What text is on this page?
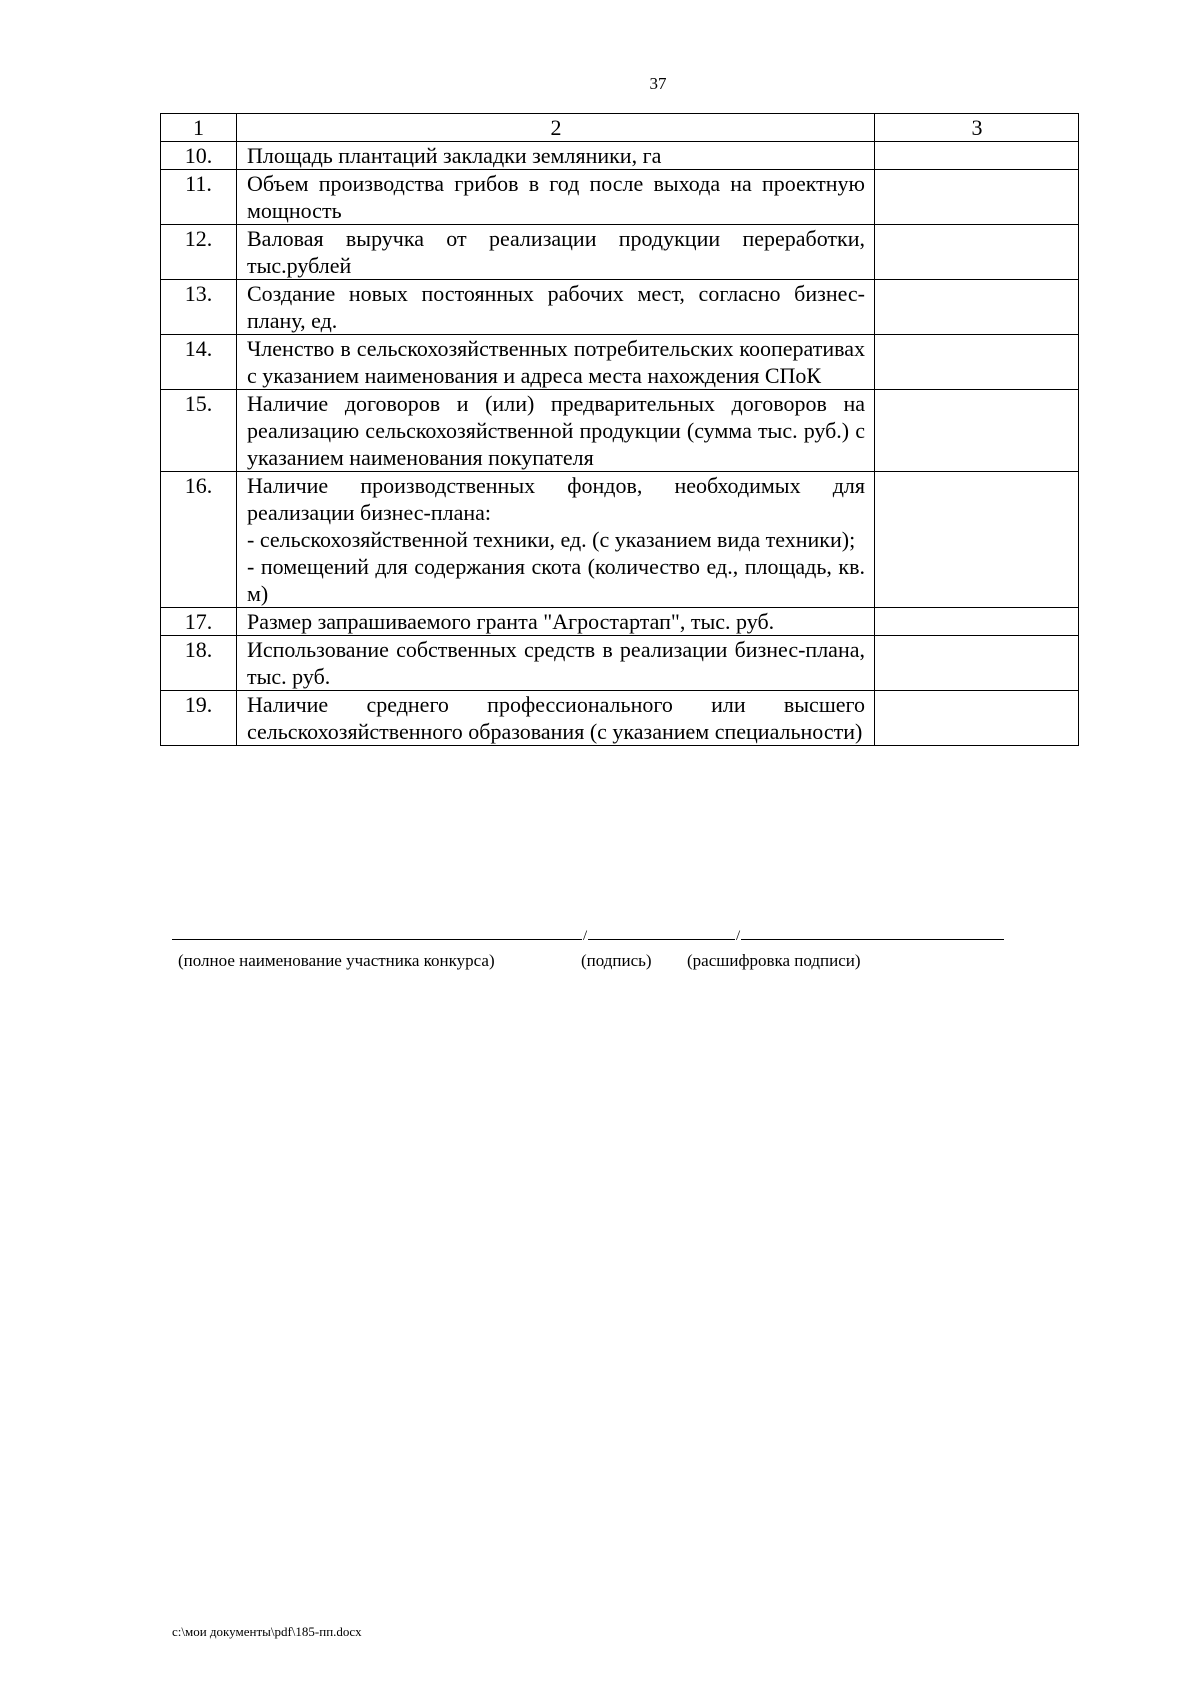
37
1	2	3
10.	Площадь плантаций закладки земляники, га	
11.	Объем производства грибов в год после выхода на проектную мощность	
12.	Валовая выручка от реализации продукции переработки, тыс.рублей	
13.	Создание новых постоянных рабочих мест, согласно бизнес-плану, ед.	
14.	Членство в сельскохозяйственных потребительских кооперативах с указанием наименования и адреса места нахождения СПоК	
15.	Наличие договоров и (или) предварительных договоров на реализацию сельскохозяйственной продукции (сумма тыс. руб.) с указанием наименования покупателя	
16.	Наличие производственных фондов, необходимых для реализации бизнес-плана:
- сельскохозяйственной техники, ед. (с указанием вида техники);
- помещений для содержания скота (количество ед., площадь, кв. м)	

17.	Размер запрашиваемого гранта "Агростартап", тыс. руб.	
18.	Использование собственных средств в реализации бизнес-плана, тыс. руб.	
19.	Наличие среднего профессионального или высшего сельскохозяйственного образования (с указанием специальности)	
/	/
(полное наименование участника конкурса)	(подпись) (расшифровка подписи)
c:\мои документы\pdf\185-пп.docx
